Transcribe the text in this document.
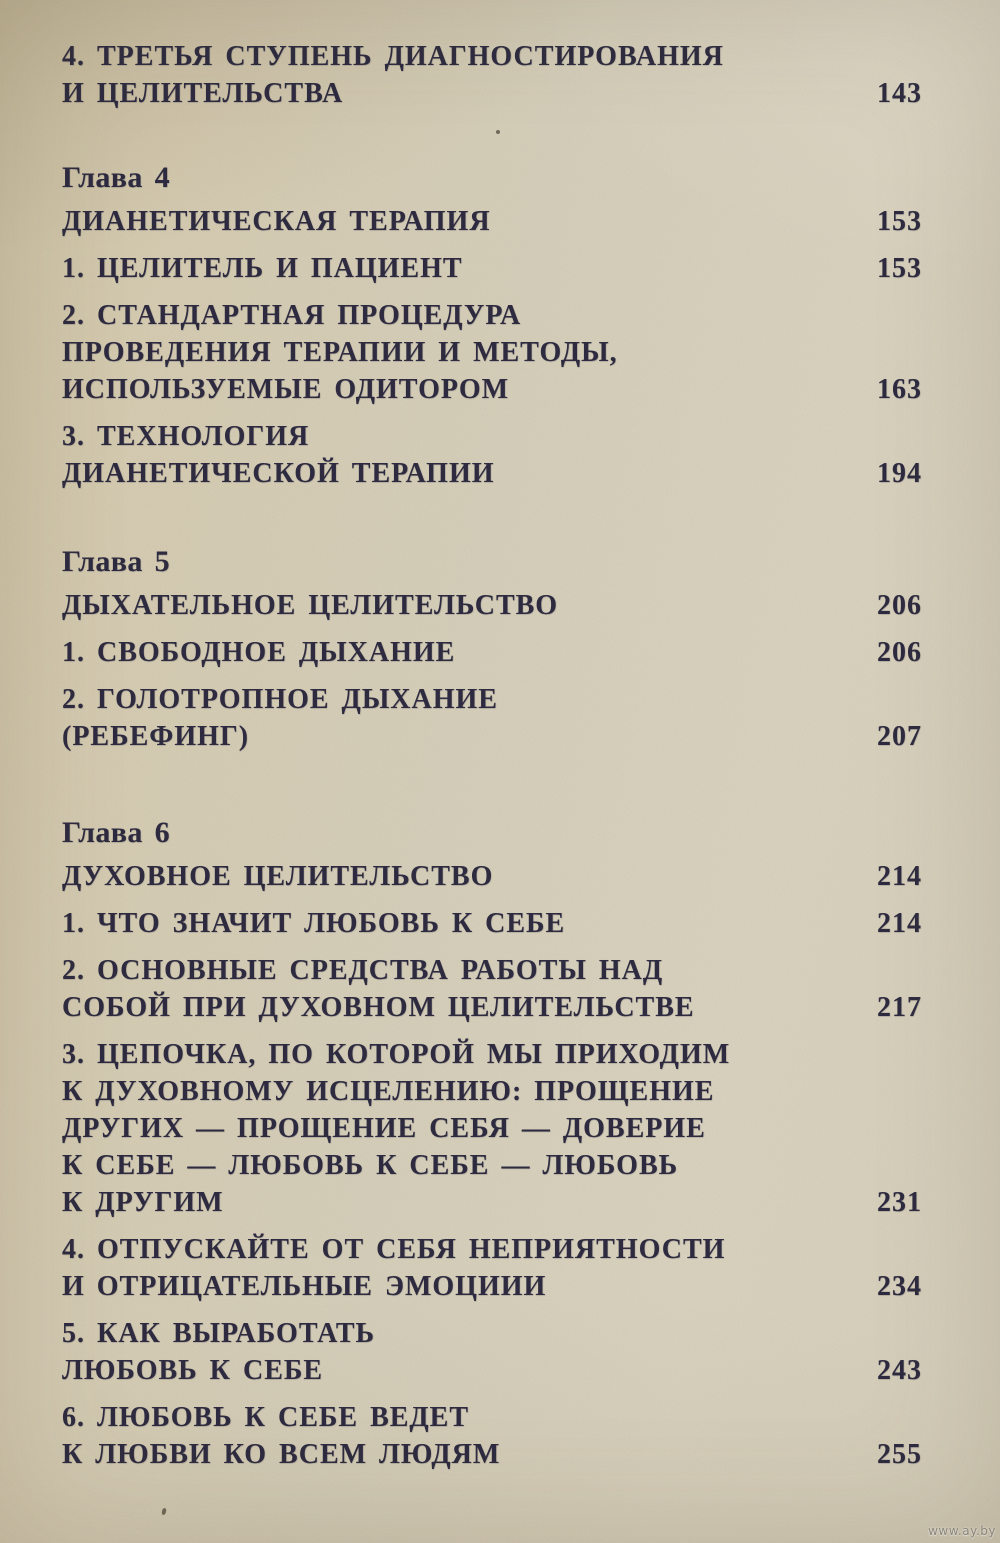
4. ТРЕТЬЯ СТУПЕНЬ ДИАГНОСТИРОВАНИЯ
И ЦЕЛИТЕЛЬСТВА	143
Глава 4
ДИАНЕТИЧЕСКАЯ ТЕРАПИЯ	153
1. ЦЕЛИТЕЛЬ И ПАЦИЕНТ	153
2. СТАНДАРТНАЯ ПРОЦЕДУРА
ПРОВЕДЕНИЯ ТЕРАПИИ И МЕТОДЫ,
ИСПОЛЬЗУЕМЫЕ ОДИТОРОМ	163
3. ТЕХНОЛОГИЯ
ДИАНЕТИЧЕСКОЙ ТЕРАПИИ	194
Глава 5
ДЫХАТЕЛЬНОЕ ЦЕЛИТЕЛЬСТВО	206
1. СВОБОДНОЕ ДЫХАНИЕ	206
2. ГОЛОТРОПНОЕ ДЫХАНИЕ
(РЕБЕФИНГ)	207
Глава 6
ДУХОВНОЕ ЦЕЛИТЕЛЬСТВО	214
1. ЧТО ЗНАЧИТ ЛЮБОВЬ К СЕБЕ	214
2. ОСНОВНЫЕ СРЕДСТВА РАБОТЫ НАД
СОБОЙ ПРИ ДУХОВНОМ ЦЕЛИТЕЛЬСТВЕ	217
3. ЦЕПОЧКА, ПО КОТОРОЙ МЫ ПРИХОДИМ
К ДУХОВНОМУ ИСЦЕЛЕНИЮ: ПРОЩЕНИЕ
ДРУГИХ — ПРОЩЕНИЕ СЕБЯ — ДОВЕРИЕ
К СЕБЕ — ЛЮБОВЬ К СЕБЕ — ЛЮБОВЬ
К ДРУГИМ	231
4. ОТПУСКАЙТЕ ОТ СЕБЯ НЕПРИЯТНОСТИ
И ОТРИЦАТЕЛЬНЫЕ ЭМОЦИИИ	234
5. КАК ВЫРАБОТАТЬ
ЛЮБОВЬ К СЕБЕ	243
6. ЛЮБОВЬ К СЕБЕ ВЕДЕТ
К ЛЮБВИ КО ВСЕМ ЛЮДЯМ	255
www.ay.by
